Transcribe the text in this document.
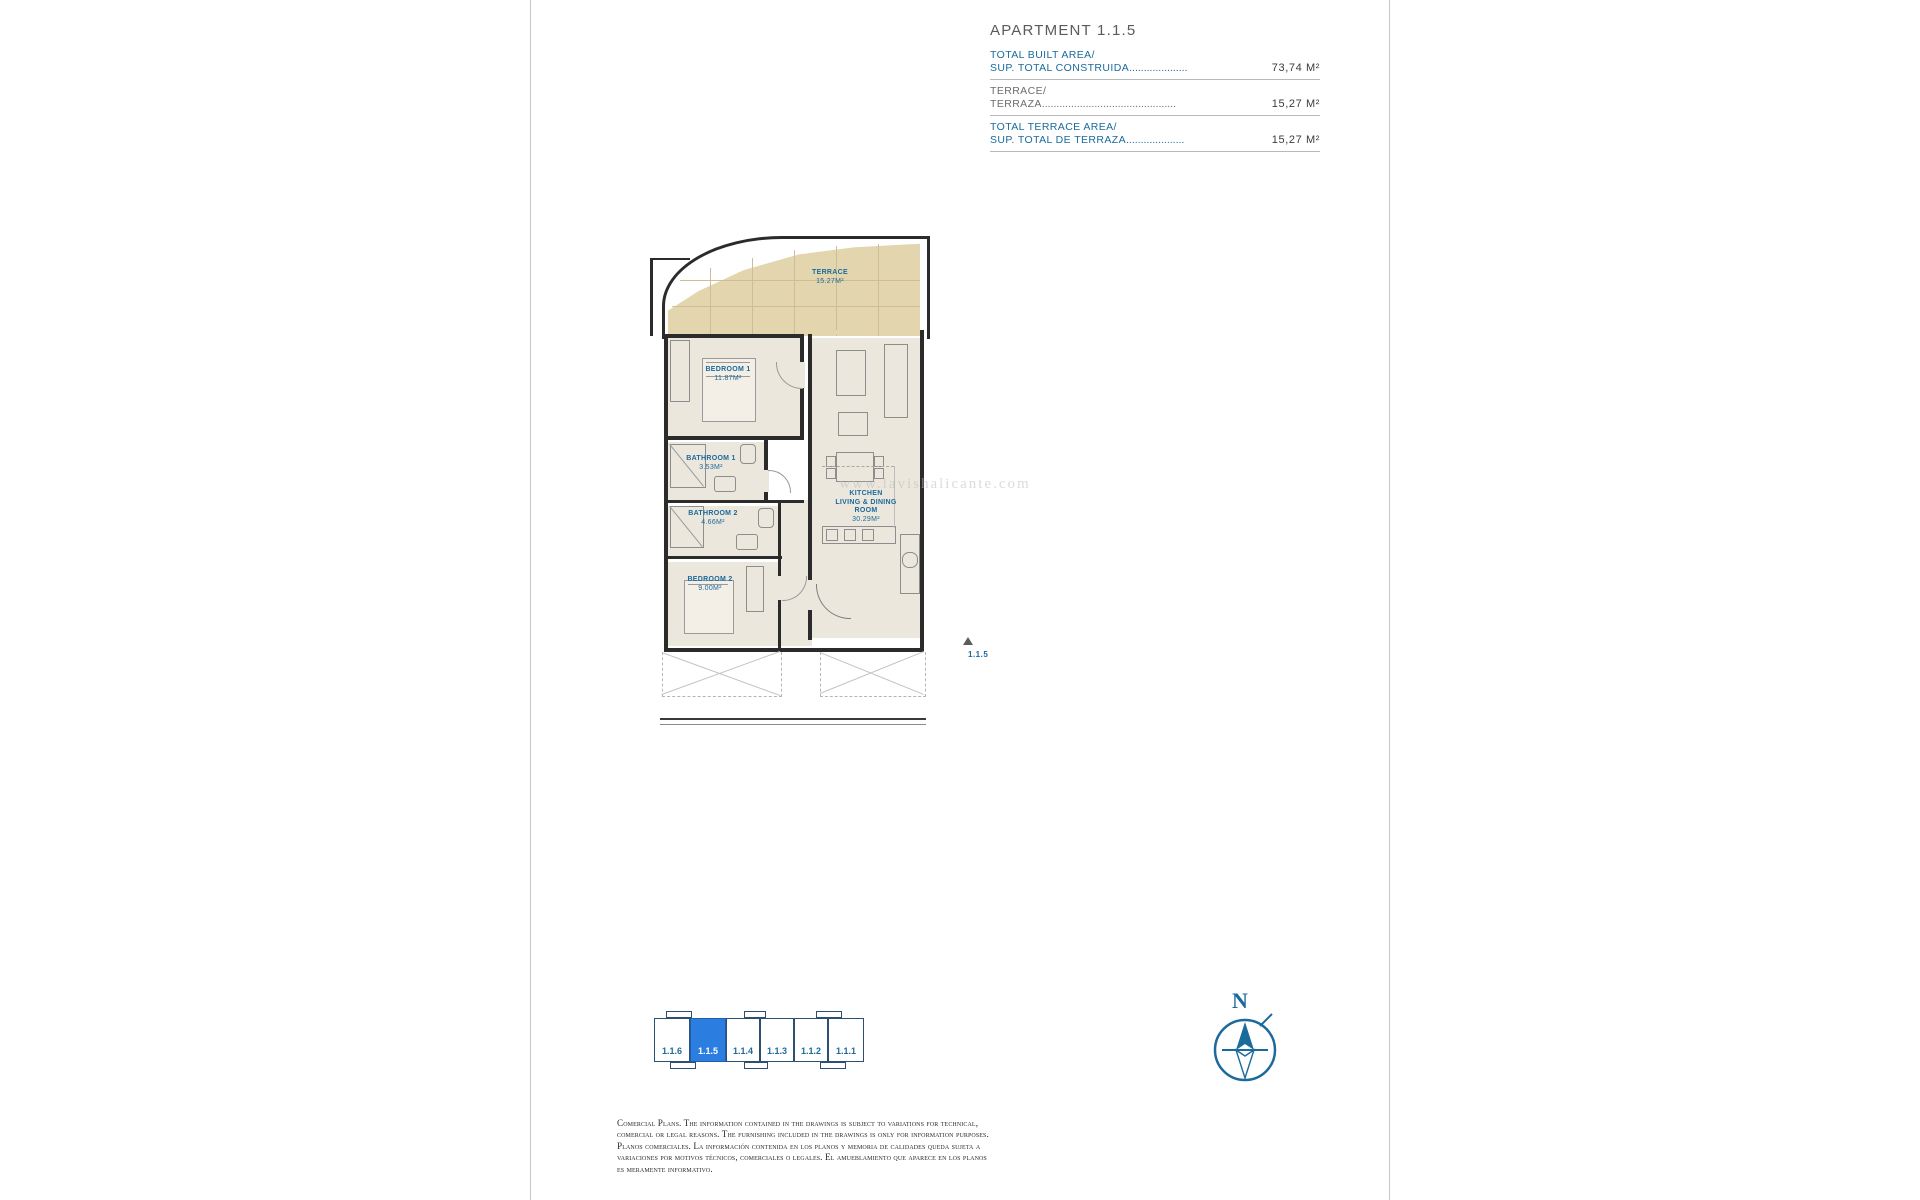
APARTMENT 1.1.5
TOTAL BUILT AREA/
SUP. TOTAL CONSTRUIDA....................	73,74 M²
TERRACE/
TERRAZA..............................................	15,27 M²
TOTAL TERRACE AREA/
SUP. TOTAL DE TERRAZA....................	15,27 M²
TERRACE
15.27M²
BEDROOM 1
11.87M²
BATHROOM 1
3.53M²
BATHROOM 2
4.66M²
BEDROOM 2
9.00M²
KITCHEN
LIVING & DINING
ROOM
30.29M²
1.1.5
www.lavishalicante.com
1.1.6	1.1.5	1.1.4	1.1.3	1.1.2	1.1.1
N

Comercial Plans. The information contained in the drawings is subject to variations for technical,

comercial or legal reasons. The furnishing included in the drawings is only for information purposes.

Planos comerciales. La información contenida en los planos y memoria de calidades queda sujeta a

variaciones por motivos técnicos, comerciales o legales. El amueblamiento que aparece en los planos

es meramente informativo.
